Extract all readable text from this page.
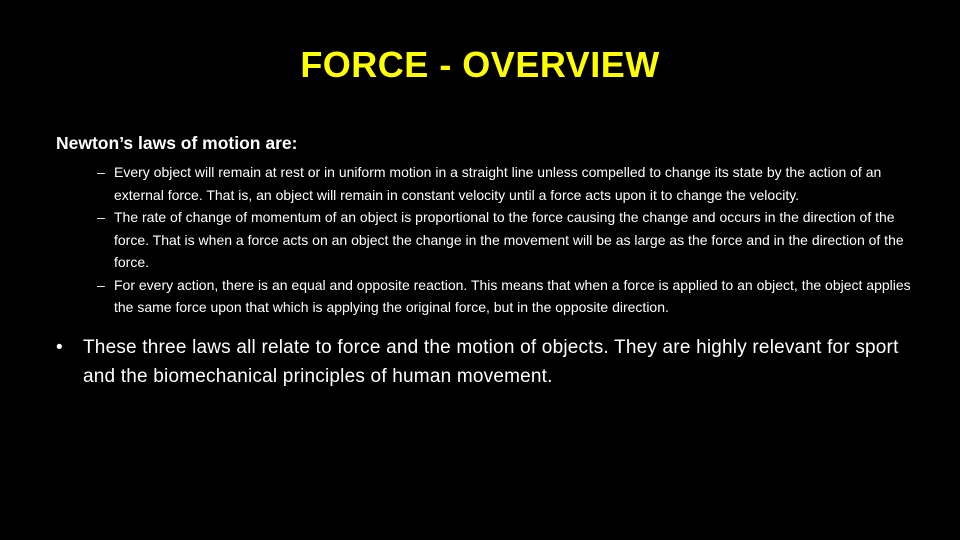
FORCE - OVERVIEW
Newton’s laws of motion are:
– Every object will remain at rest or in uniform motion in a straight line unless compelled to change its state by the action of an external force. That is, an object will remain in constant velocity until a force acts upon it to change the velocity.
– The rate of change of momentum of an object is proportional to the force causing the change and occurs in the direction of the force. That is when a force acts on an object the change in the movement will be as large as the force and in the direction of the force.
– For every action, there is an equal and opposite reaction. This means that when a force is applied to an object, the object applies the same force upon that which is applying the original force, but in the opposite direction.
• These three laws all relate to force and the motion of objects. They are highly relevant for sport and the biomechanical principles of human movement.
